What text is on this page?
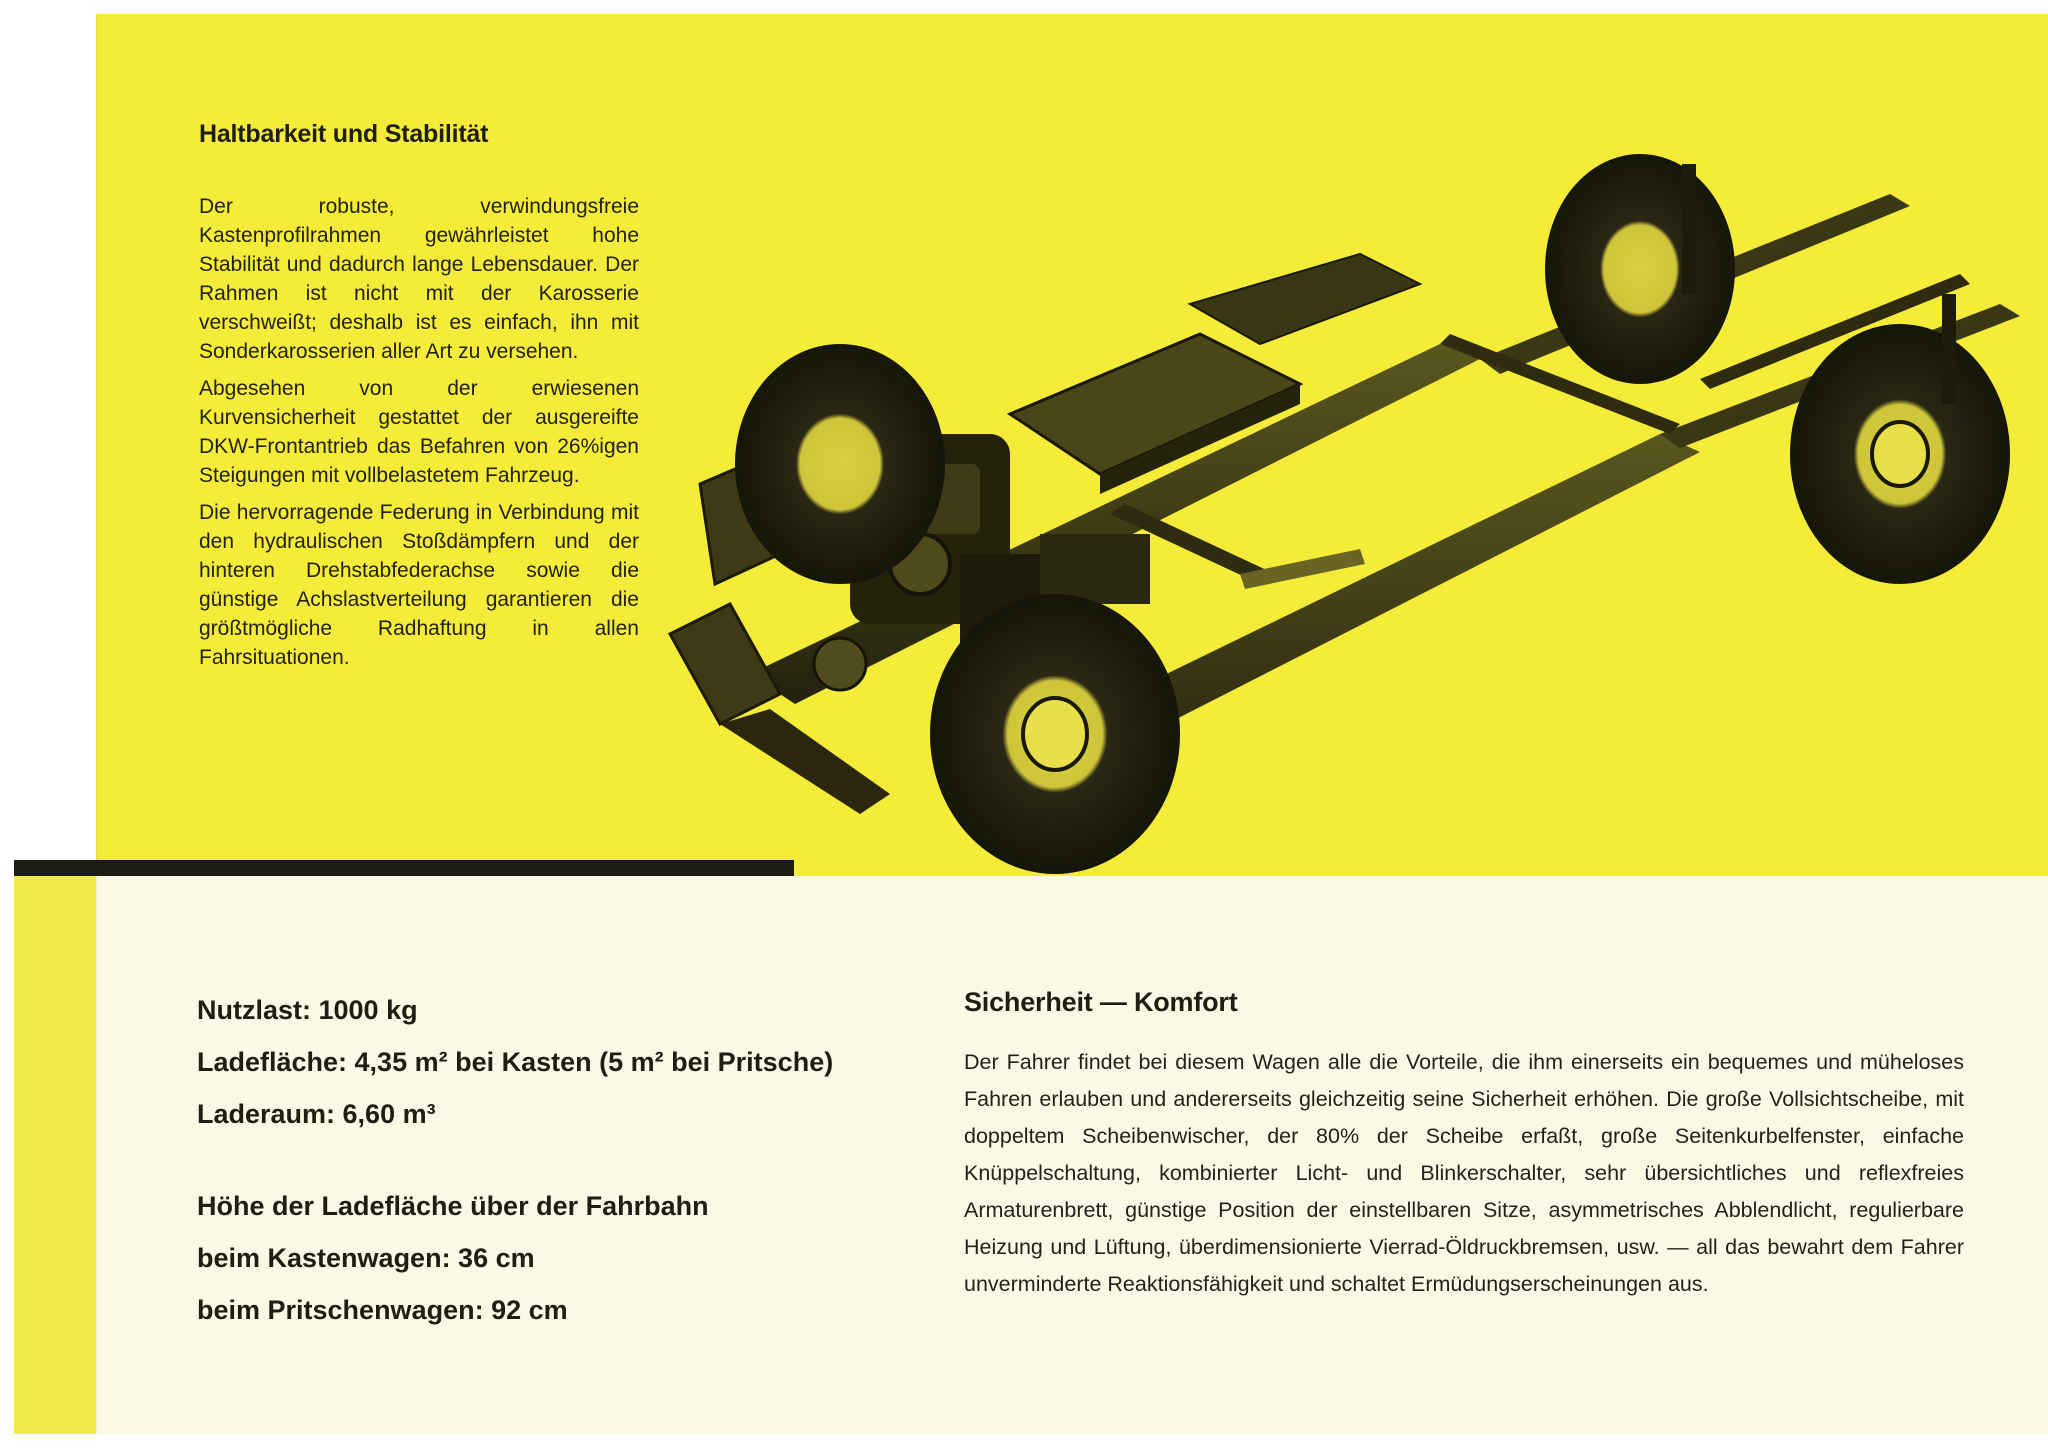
Haltbarkeit und Stabilität

Der robuste, verwindungsfreie Kastenprofilrahmen gewährleistet hohe Stabilität und dadurch lange Lebensdauer. Der Rahmen ist nicht mit der Karosserie verschweißt; deshalb ist es einfach, ihn mit Sonderkarosserien aller Art zu versehen.

Abgesehen von der erwiesenen Kurvensicherheit gestattet der ausgereifte DKW-Frontantrieb das Befahren von 26%igen Steigungen mit vollbelastetem Fahrzeug.

Die hervorragende Federung in Verbindung mit den hydraulischen Stoßdämpfern und der hinteren Drehstabfederachse sowie die günstige Achslastverteilung garantieren die größtmögliche Radhaftung in allen Fahrsituationen.

Nutzlast: 1000 kg
Ladefläche: 4,35 m² bei Kasten (5 m² bei Pritsche)
Laderaum: 6,60 m³
Höhe der Ladefläche über der Fahrbahn
beim Kastenwagen: 36 cm
beim Pritschenwagen: 92 cm
Sicherheit — Komfort
Der Fahrer findet bei diesem Wagen alle die Vorteile, die ihm einerseits ein bequemes und müheloses Fahren erlauben und andererseits gleichzeitig seine Sicherheit erhöhen. Die große Vollsichtscheibe, mit doppeltem Scheibenwischer, der 80% der Scheibe erfaßt, große Seitenkurbelfenster, einfache Knüppelschaltung, kombinierter Licht- und Blinkerschalter, sehr übersichtliches und reflexfreies Armaturenbrett, günstige Position der einstellbaren Sitze, asymmetrisches Abblendlicht, regulierbare Heizung und Lüftung, überdimensionierte Vierrad-Öldruckbremsen, usw. — all das bewahrt dem Fahrer unverminderte Reaktionsfähigkeit und schaltet Ermüdungserscheinungen aus.
